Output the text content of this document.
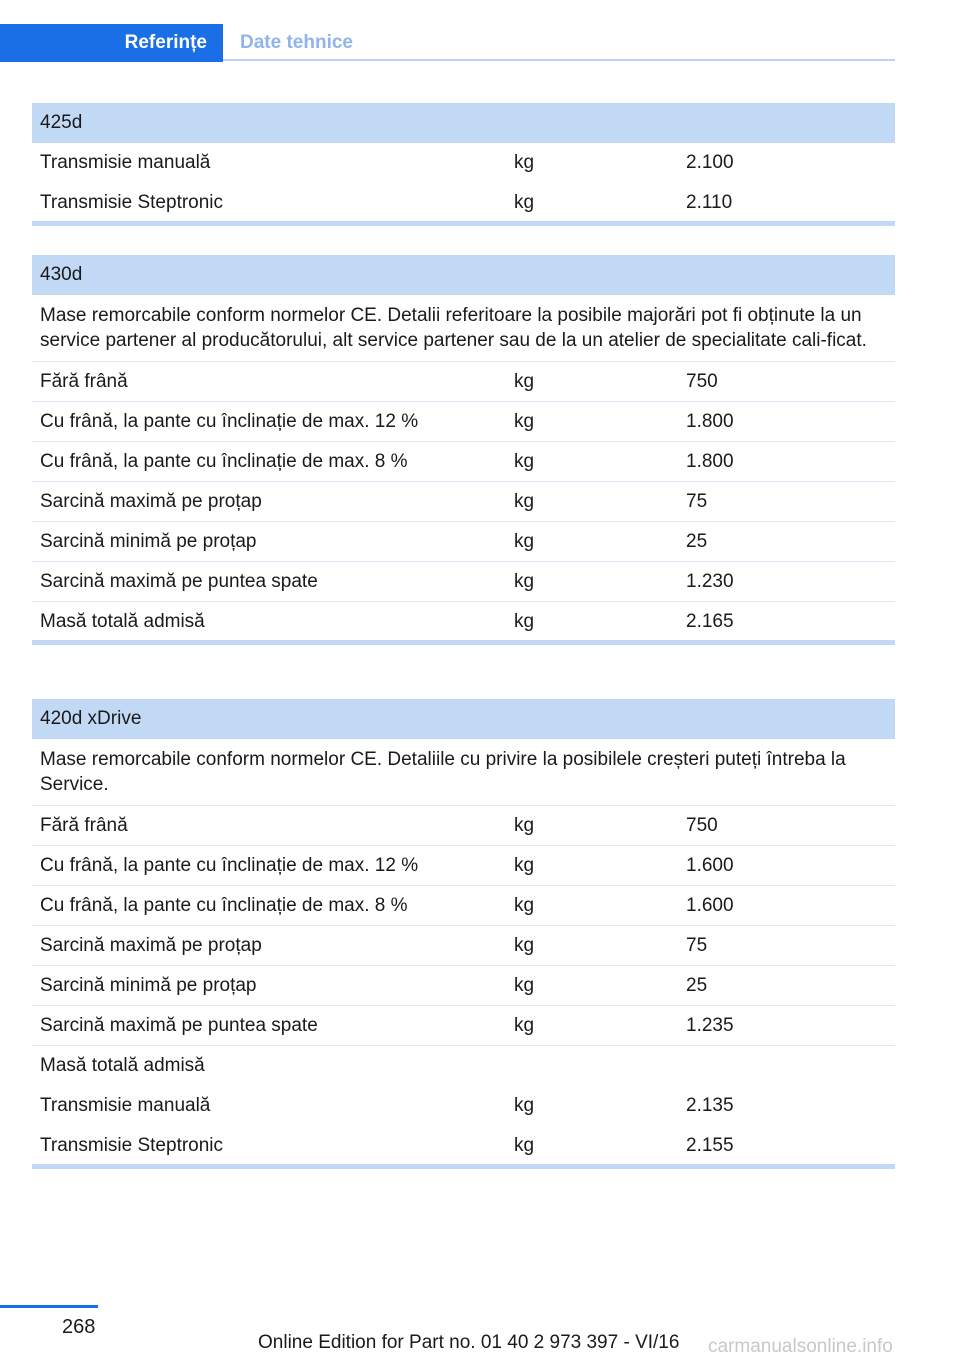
Referințe	Date tehnice
425d
Transmisie manuală	kg	2.100
Transmisie Steptronic	kg	2.110
430d
Mase remorcabile conform normelor CE. Detalii referitoare la posibile majorări pot fi obținute la un service partener al producătorului, alt service partener sau de la un atelier de specialitate cali-ficat.
Fără frână	kg	750
Cu frână, la pante cu înclinație de max. 12 %	kg	1.800
Cu frână, la pante cu înclinație de max. 8 %	kg	1.800
Sarcină maximă pe proțap	kg	75
Sarcină minimă pe proțap	kg	25
Sarcină maximă pe puntea spate	kg	1.230
Masă totală admisă	kg	2.165
420d xDrive
Mase remorcabile conform normelor CE. Detaliile cu privire la posibilele creșteri puteți întreba la Service.
Fără frână	kg	750
Cu frână, la pante cu înclinație de max. 12 %	kg	1.600
Cu frână, la pante cu înclinație de max. 8 %	kg	1.600
Sarcină maximă pe proțap	kg	75
Sarcină minimă pe proțap	kg	25
Sarcină maximă pe puntea spate	kg	1.235
Masă totală admisă
Transmisie manuală	kg	2.135
Transmisie Steptronic	kg	2.155
268
Online Edition for Part no. 01 40 2 973 397 - VI/16 carmanualsonline.info
